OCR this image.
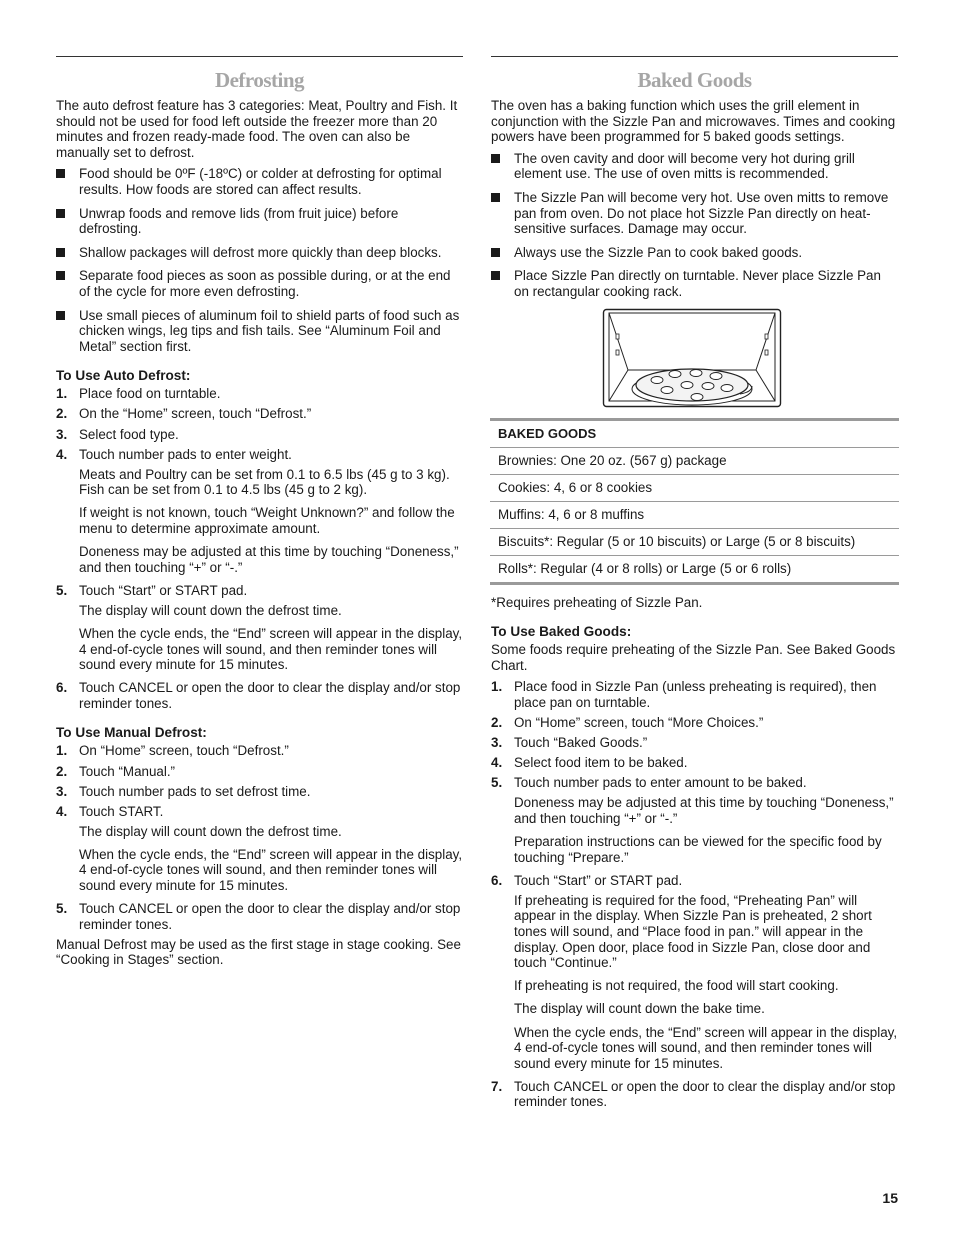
Defrosting

The auto defrost feature has 3 categories: Meat, Poultry and Fish. It should not be used for food left outside the freezer more than 20 minutes and frozen ready-made food. The oven can also be manually set to defrost.

Food should be 0ºF (-18ºC) or colder at defrosting for optimal results. How foods are stored can affect results.
Unwrap foods and remove lids (from fruit juice) before defrosting.
Shallow packages will defrost more quickly than deep blocks.
Separate food pieces as soon as possible during, or at the end of the cycle for more even defrosting.
Use small pieces of aluminum foil to shield parts of food such as chicken wings, leg tips and fish tails. See “Aluminum Foil and Metal” section first.
To Use Auto Defrost:
1. Place food on turntable.
2. On the “Home” screen, touch “Defrost.”
3. Select food type.
4. Touch number pads to enter weight.
Meats and Poultry can be set from 0.1 to 6.5 lbs (45 g to 3 kg). Fish can be set from 0.1 to 4.5 lbs (45 g to 2 kg).
If weight is not known, touch “Weight Unknown?” and follow the menu to determine approximate amount.
Doneness may be adjusted at this time by touching “Doneness,” and then touching “+” or “-.”
5. Touch “Start” or START pad.
The display will count down the defrost time.
When the cycle ends, the “End” screen will appear in the display, 4 end-of-cycle tones will sound, and then reminder tones will sound every minute for 15 minutes.
6. Touch CANCEL or open the door to clear the display and/or stop reminder tones.
To Use Manual Defrost:
1. On “Home” screen, touch “Defrost.”
2. Touch “Manual.”
3. Touch number pads to set defrost time.
4. Touch START.
The display will count down the defrost time.
When the cycle ends, the “End” screen will appear in the display, 4 end-of-cycle tones will sound, and then reminder tones will sound every minute for 15 minutes.
5. Touch CANCEL or open the door to clear the display and/or stop reminder tones.

Manual Defrost may be used as the first stage in stage cooking. See “Cooking in Stages” section.

Baked Goods

The oven has a baking function which uses the grill element in conjunction with the Sizzle Pan and microwaves. Times and cooking powers have been programmed for 5 baked goods settings.

The oven cavity and door will become very hot during grill element use. The use of oven mitts is recommended.
The Sizzle Pan will become very hot. Use oven mitts to remove pan from oven. Do not place hot Sizzle Pan directly on heat-sensitive surfaces. Damage may occur.
Always use the Sizzle Pan to cook baked goods.
Place Sizzle Pan directly on turntable. Never place Sizzle Pan on rectangular cooking rack.
BAKED GOODS
Brownies: One 20 oz. (567 g) package
Cookies: 4, 6 or 8 cookies
Muffins: 4, 6 or 8 muffins
Biscuits*: Regular (5 or 10 biscuits) or Large (5 or 8 biscuits)
Rolls*: Regular (4 or 8 rolls) or Large (5 or 6 rolls)

*Requires preheating of Sizzle Pan.

To Use Baked Goods:

Some foods require preheating of the Sizzle Pan. See Baked Goods Chart.

1. Place food in Sizzle Pan (unless preheating is required), then place pan on turntable.
2. On “Home” screen, touch “More Choices.”
3. Touch “Baked Goods.”
4. Select food item to be baked.
5. Touch number pads to enter amount to be baked.
Doneness may be adjusted at this time by touching “Doneness,” and then touching “+” or “-.”
Preparation instructions can be viewed for the specific food by touching “Prepare.”
6. Touch “Start” or START pad.
If preheating is required for the food, “Preheating Pan” will appear in the display. When Sizzle Pan is preheated, 2 short tones will sound, and “Place food in pan.” will appear in the display. Open door, place food in Sizzle Pan, close door and touch “Continue.”
If preheating is not required, the food will start cooking.
The display will count down the bake time.
When the cycle ends, the “End” screen will appear in the display, 4 end-of-cycle tones will sound, and then reminder tones will sound every minute for 15 minutes.
7. Touch CANCEL or open the door to clear the display and/or stop reminder tones.
15
